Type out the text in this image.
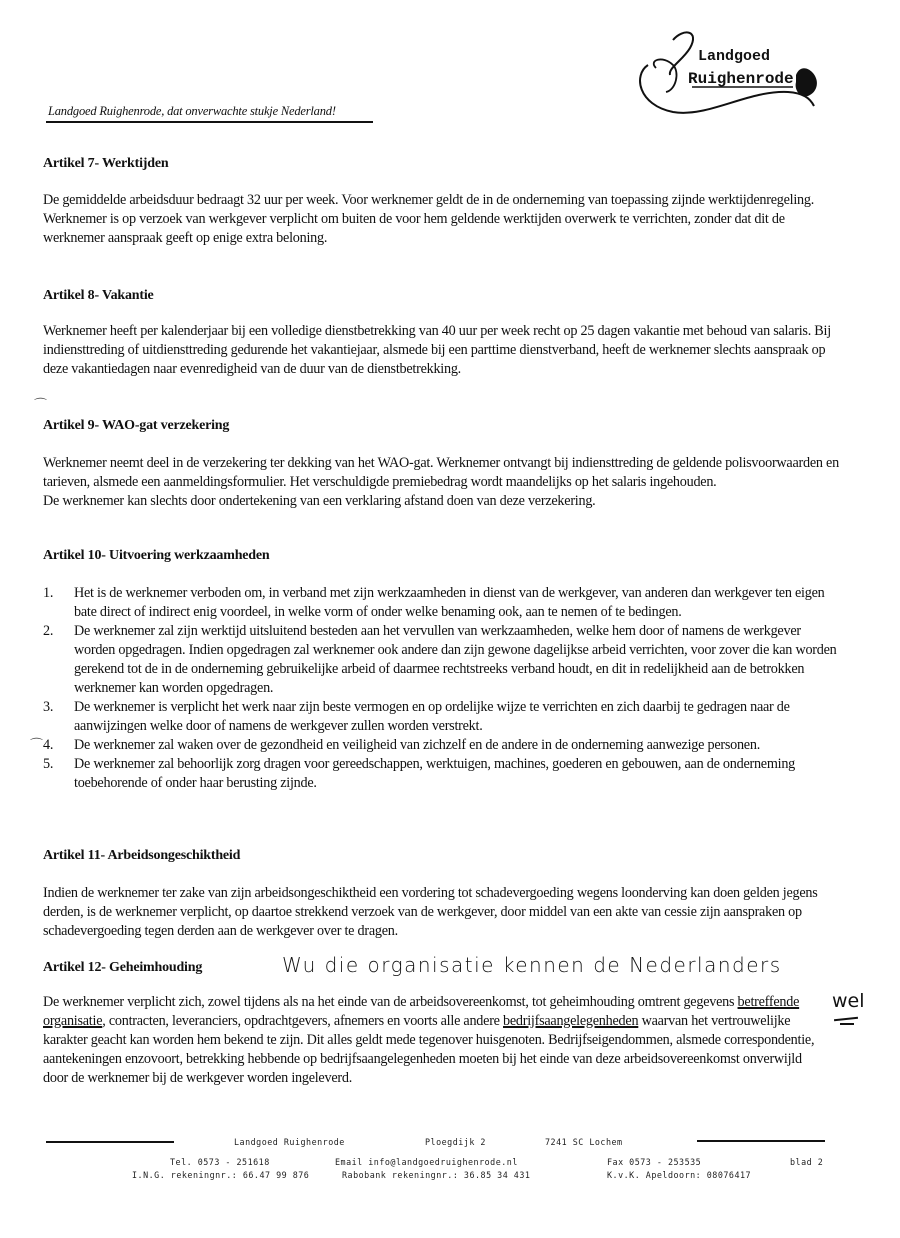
Landgoed
Ruighenrode
Landgoed Ruighenrode, dat onverwachte stukje Nederland!
Artikel 7- Werktijden

De gemiddelde arbeidsduur bedraagt 32 uur per week. Voor werknemer geldt de in de onderneming van toepassing zijnde werktijdenregeling.

Werknemer is op verzoek van werkgever verplicht om buiten de voor hem geldende werktijden overwerk te verrichten, zonder dat dit de werknemer aanspraak geeft op enige extra beloning.

Artikel 8- Vakantie

Werknemer heeft per kalenderjaar bij een volledige dienstbetrekking van 40 uur per week recht op 25 dagen vakantie met behoud van salaris. Bij indiensttreding of uitdiensttreding gedurende het vakantiejaar, alsmede bij een parttime dienstverband, heeft de werknemer slechts aanspraak op deze vakantiedagen naar evenredigheid van de duur van de dienstbetrekking.

⌒
Artikel 9- WAO-gat verzekering

Werknemer neemt deel in de verzekering ter dekking van het WAO-gat. Werknemer ontvangt bij indiensttreding de geldende polisvoorwaarden en tarieven, alsmede een aanmeldingsformulier. Het verschuldigde premiebedrag wordt maandelijks op het salaris ingehouden.

De werknemer kan slechts door ondertekening van een verklaring afstand doen van deze verzekering.

Artikel 10- Uitvoering werkzaamheden
1. Het is de werknemer verboden om, in verband met zijn werkzaamheden in dienst van de werkgever, van anderen dan werkgever ten eigen bate direct of indirect enig voordeel, in welke vorm of onder welke benaming ook, aan te nemen of te bedingen.
2. De werknemer zal zijn werktijd uitsluitend besteden aan het vervullen van werkzaamheden, welke hem door of namens de werkgever worden opgedragen. Indien opgedragen zal werknemer ook andere dan zijn gewone dagelijkse arbeid verrichten, voor zover die kan worden gerekend tot de in de onderneming gebruikelijke arbeid of daarmee rechtstreeks verband houdt, en dit in redelijkheid aan de betrokken werknemer kan worden opgedragen.
3. De werknemer is verplicht het werk naar zijn beste vermogen en op ordelijke wijze te verrichten en zich daarbij te gedragen naar de aanwijzingen welke door of namens de werkgever zullen worden verstrekt.
4. De werknemer zal waken over de gezondheid en veiligheid van zichzelf en de andere in de onderneming aanwezige personen.
5. De werknemer zal behoorlijk zorg dragen voor gereedschappen, werktuigen, machines, goederen en gebouwen, aan de onderneming toebehorende of onder haar berusting zijnde.
⌒
Artikel 11- Arbeidsongeschiktheid

Indien de werknemer ter zake van zijn arbeidsongeschiktheid een vordering tot schadevergoeding wegens loonderving kan doen gelden jegens derden, is de werknemer verplicht, op daartoe strekkend verzoek van de werkgever, door middel van een akte van cessie zijn aanspraken op schadevergoeding tegen derden aan de werkgever over te dragen.

Artikel 12- Geheimhouding	Wu die organisatie kennen de Nederlanders

De werknemer verplicht zich, zowel tijdens als na het einde van de arbeidsovereenkomst, tot geheimhouding omtrent gegevens betreffende organisatie, contracten, leveranciers, opdrachtgevers, afnemers en voorts alle andere bedrijfsaangelegenheden waarvan het vertrouwelijke karakter geacht kan worden hem bekend te zijn. Dit alles geldt mede tegenover huisgenoten. Bedrijfseigendommen, alsmede correspondentie, aantekeningen enzovoort, betrekking hebbende op bedrijfsaangelegenheden moeten bij het einde van deze arbeidsovereenkomst onverwijld door de werknemer bij de werkgever worden ingeleverd.

wel
Landgoed Ruighenrode	Ploegdijk 2	7241 SC Lochem
Tel. 0573 - 251618	Email info@landgoedruighenrode.nl	Fax 0573 - 253535	blad 2
I.N.G. rekeningnr.: 66.47 99 876	Rabobank rekeningnr.: 36.85 34 431	K.v.K. Apeldoorn: 08076417
